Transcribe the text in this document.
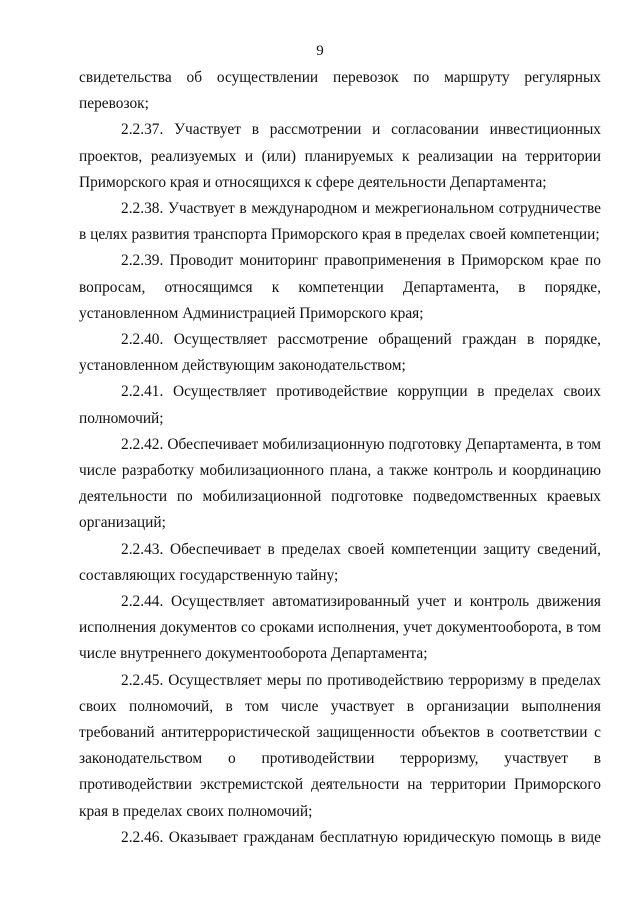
9

свидетельства об осуществлении перевозок по маршруту регулярных перевозок;

2.2.37. Участвует в рассмотрении и согласовании инвестиционных проектов, реализуемых и (или) планируемых к реализации на территории Приморского края и относящихся к сфере деятельности Департамента;

2.2.38. Участвует в международном и межрегиональном сотрудничестве в целях развития транспорта Приморского края в пределах своей компетенции;

2.2.39. Проводит мониторинг правоприменения в Приморском крае по вопросам, относящимся к компетенции Департамента, в порядке, установленном Администрацией Приморского края;

2.2.40. Осуществляет рассмотрение обращений граждан в порядке, установленном действующим законодательством;

2.2.41. Осуществляет противодействие коррупции в пределах своих полномочий;

2.2.42. Обеспечивает мобилизационную подготовку Департамента, в том числе разработку мобилизационного плана, а также контроль и координацию деятельности по мобилизационной подготовке подведомственных краевых организаций;

2.2.43. Обеспечивает в пределах своей компетенции защиту сведений, составляющих государственную тайну;

2.2.44. Осуществляет автоматизированный учет и контроль движения исполнения документов со сроками исполнения, учет документооборота, в том числе внутреннего документооборота Департамента;

2.2.45. Осуществляет меры по противодействию терроризму в пределах своих полномочий, в том числе участвует в организации выполнения требований антитеррористической защищенности объектов в соответствии с законодательством о противодействии терроризму, участвует в противодействии экстремистской деятельности на территории Приморского края в пределах своих полномочий;

2.2.46. Оказывает гражданам бесплатную юридическую помощь в виде
